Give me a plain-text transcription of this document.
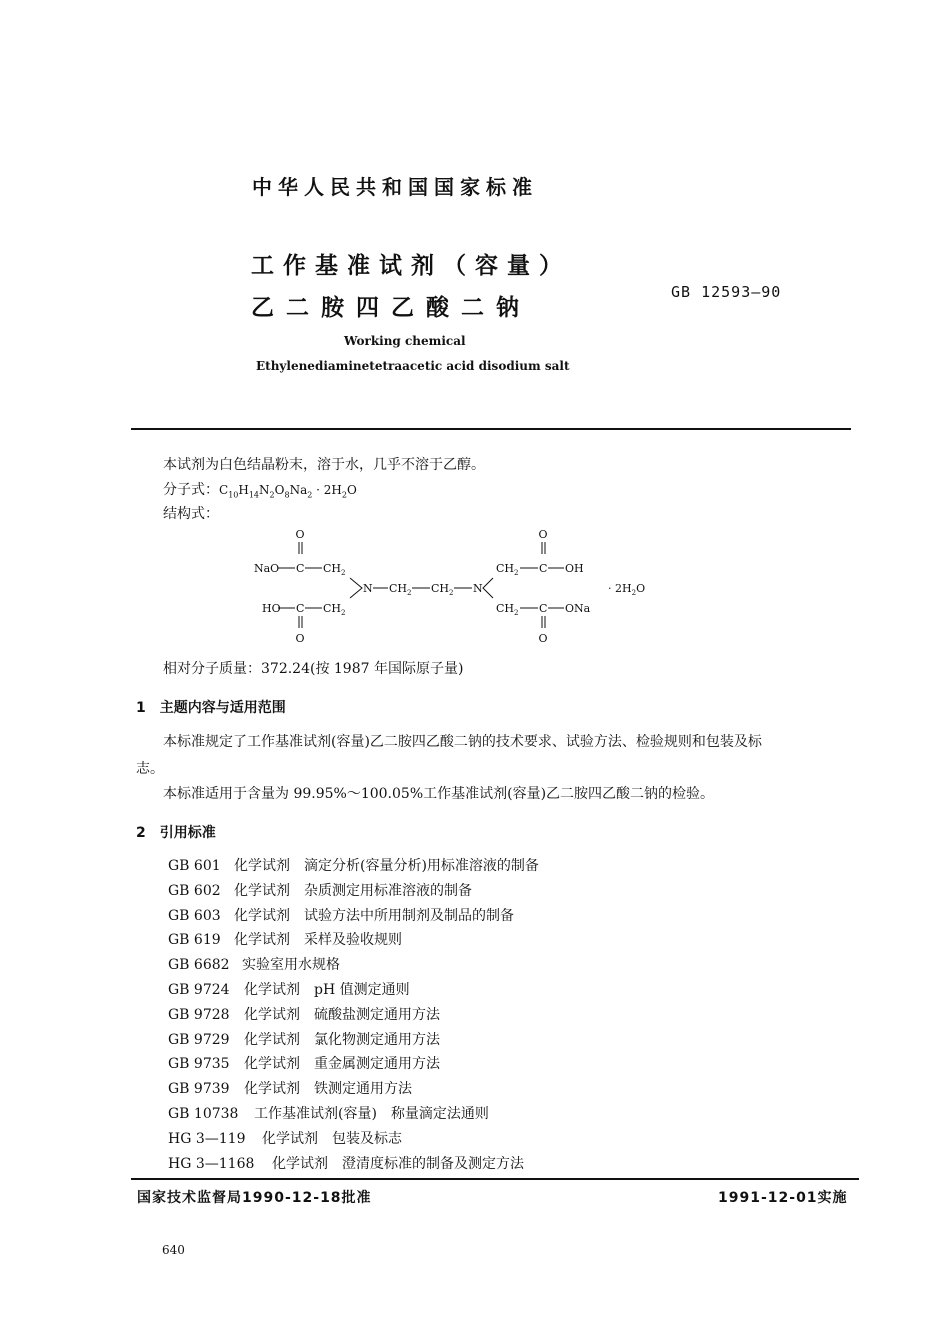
中华人民共和国国家标准
工作基准试剂（容量）
乙二胺四乙酸二钠
GB 12593—90
Working chemical
Ethylenediaminetetraacetic acid disodium salt
本试剂为白色结晶粉末，溶于水，几乎不溶于乙醇。
分子式：$C_{10}H_{14}N_2O_8Na_2 \cdot 2H_2O$
结构式：
O
NaO C $CH_2$
HO C $CH_2$
O
N $CH_2$ $CH_2$ N
O
$CH_2$ C OH
$CH_2$ C ONa
O
· $2H_2O$
相对分子质量：372.24(按 1987 年国际原子量)
1　主题内容与适用范围
本标准规定了工作基准试剂(容量)乙二胺四乙酸二钠的技术要求、试验方法、检验规则和包装及标
志。
本标准适用于含量为 99.95%～100.05%工作基准试剂(容量)乙二胺四乙酸二钠的检验。
2　引用标准
GB 601 化学试剂　滴定分析(容量分析)用标准溶液的制备
GB 602 化学试剂　杂质测定用标准溶液的制备
GB 603 化学试剂　试验方法中所用制剂及制品的制备
GB 619 化学试剂　采样及验收规则
GB 6682 实验室用水规格
GB 9724 化学试剂　pH 值测定通则
GB 9728 化学试剂　硫酸盐测定通用方法
GB 9729 化学试剂　氯化物测定通用方法
GB 9735 化学试剂　重金属测定通用方法
GB 9739 化学试剂　铁测定通用方法
GB 10738 工作基准试剂(容量)　称量滴定法通则
HG 3—119 化学试剂　包装及标志
HG 3—1168 化学试剂　澄清度标准的制备及测定方法
国家技术监督局1990-12-18批准	1991-12-01实施
640
